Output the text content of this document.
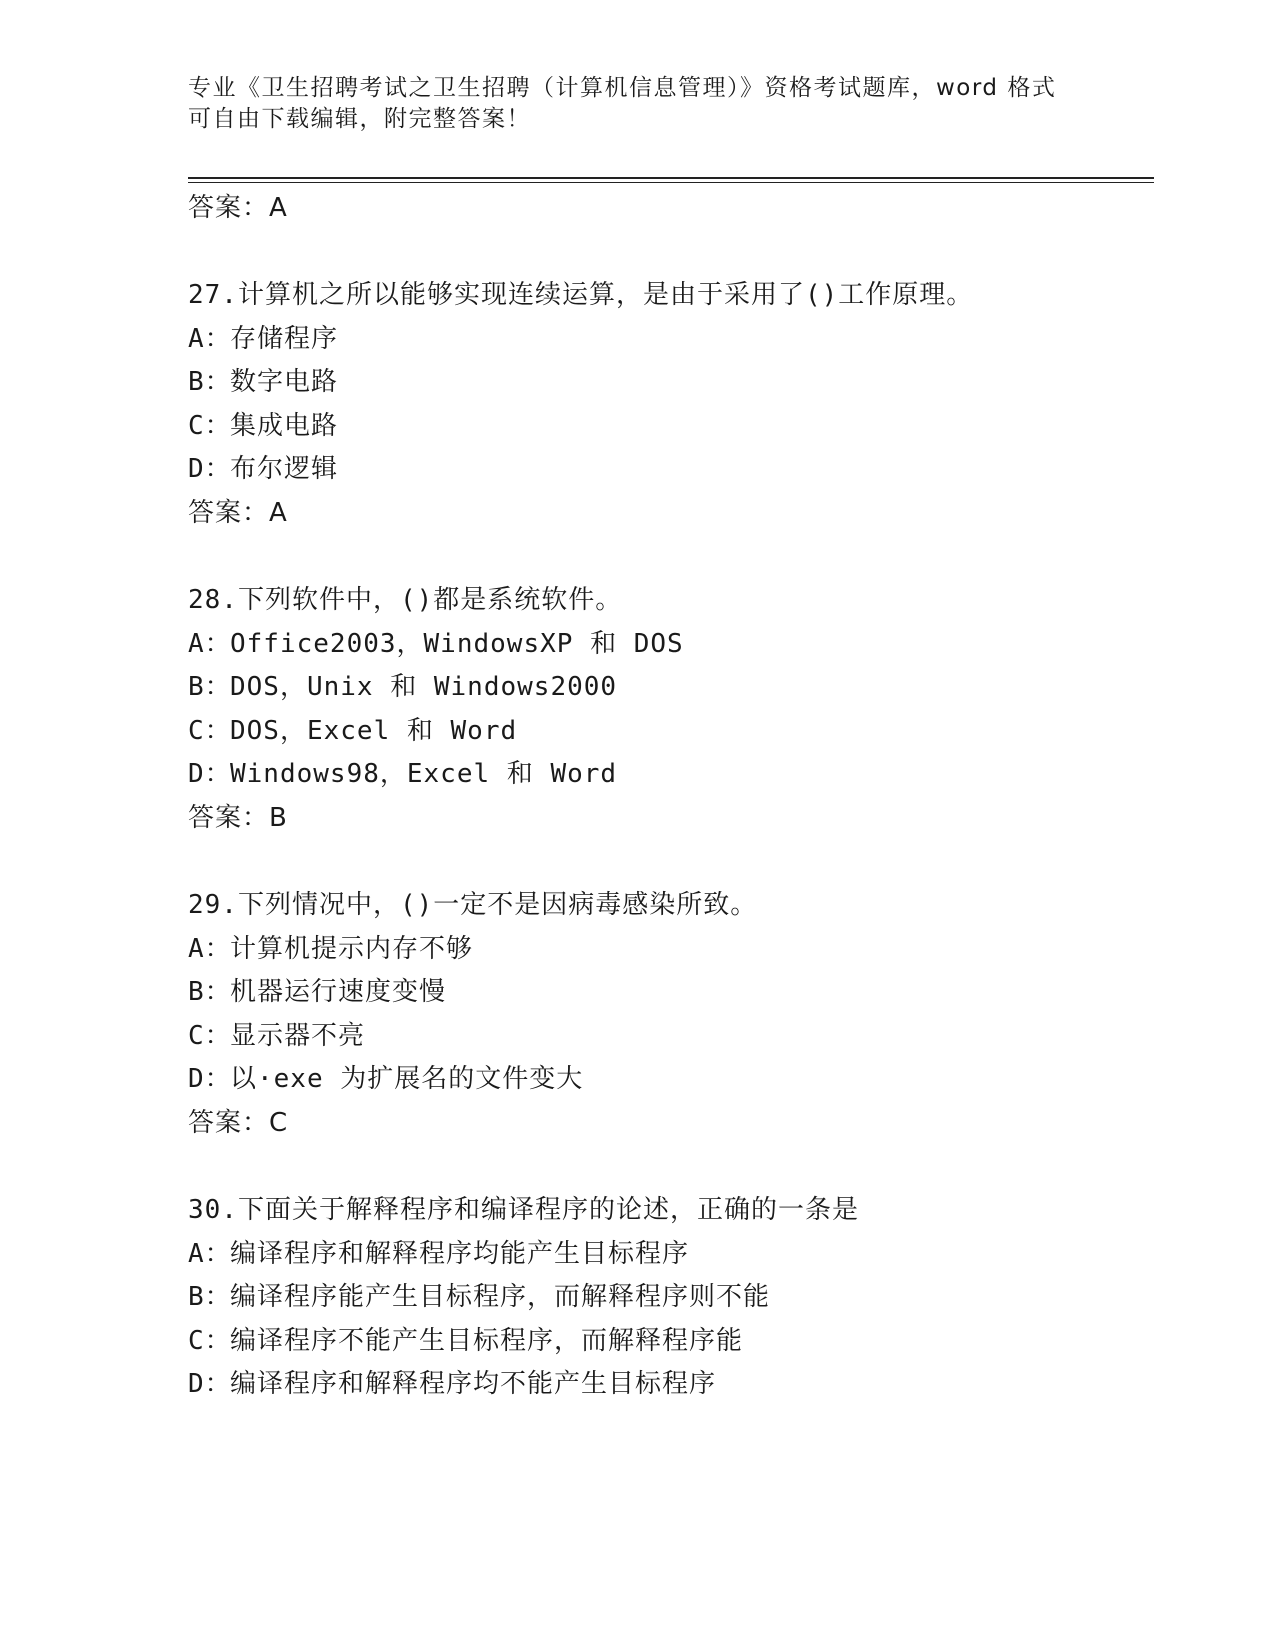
专业《卫生招聘考试之卫生招聘（计算机信息管理）》资格考试题库，word 格式
可自由下载编辑，附完整答案！
答案：A
27.计算机之所以能够实现连续运算，是由于采用了()工作原理。
A：存储程序
B：数字电路
C：集成电路
D：布尔逻辑
答案：A
28.下列软件中，()都是系统软件。
A：Office2003，WindowsXP 和 DOS
B：DOS，Unix 和 Windows2000
C：DOS，Excel 和 Word
D：Windows98，Excel 和 Word
答案：B
29.下列情况中，()一定不是因病毒感染所致。
A：计算机提示内存不够
B：机器运行速度变慢
C：显示器不亮
D：以·exe 为扩展名的文件变大
答案：C
30.下面关于解释程序和编译程序的论述，正确的一条是
A：编译程序和解释程序均能产生目标程序
B：编译程序能产生目标程序，而解释程序则不能
C：编译程序不能产生目标程序，而解释程序能
D：编译程序和解释程序均不能产生目标程序
